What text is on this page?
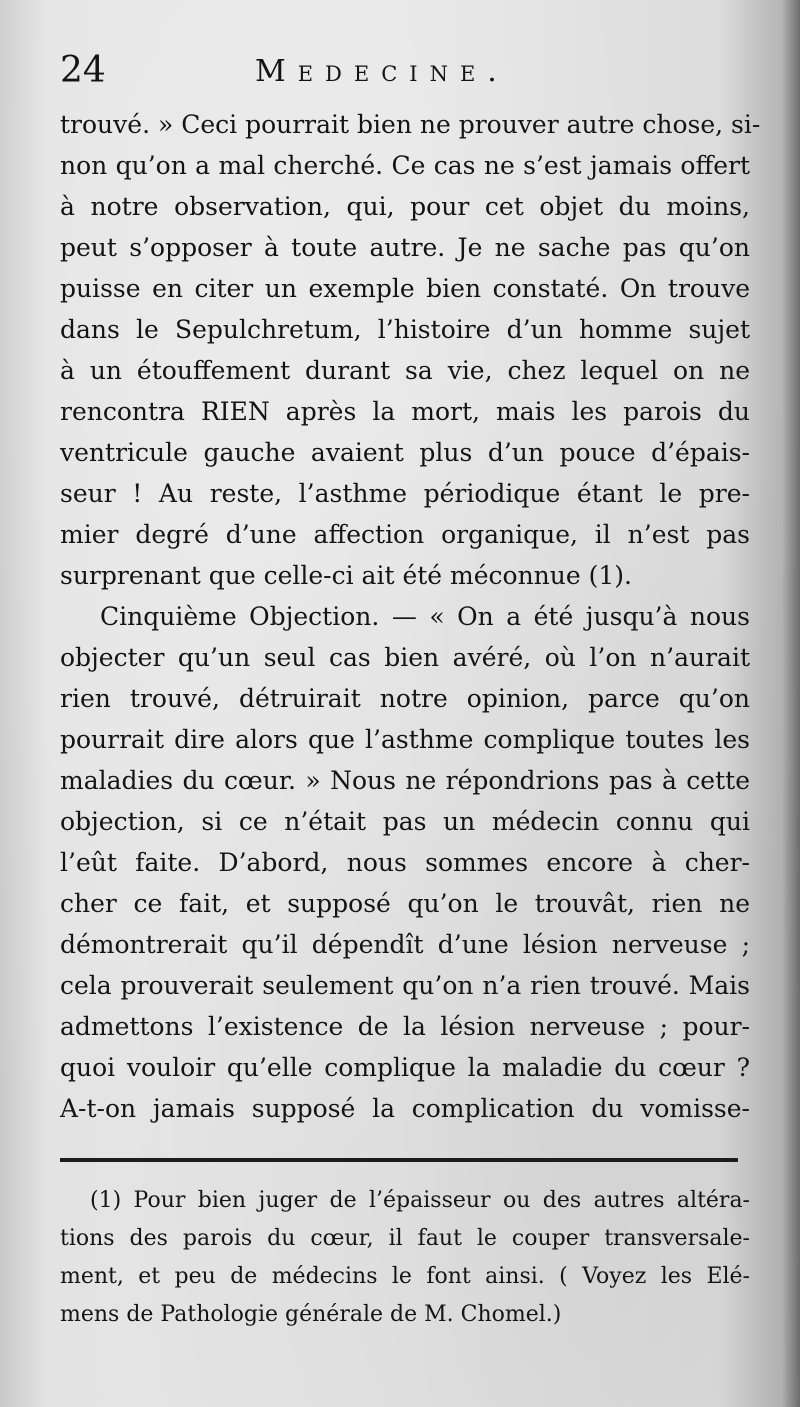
24	Medecine.
trouvé. » Ceci pourrait bien ne prouver autre chose, si-
non qu’on a mal cherché. Ce cas ne s’est jamais offert
à notre observation, qui, pour cet objet du moins,
peut s’opposer à toute autre. Je ne sache pas qu’on
puisse en citer un exemple bien constaté. On trouve
dans le Sepulchretum, l’histoire d’un homme sujet
à un étouffement durant sa vie, chez lequel on ne
rencontra RIEN après la mort, mais les parois du
ventricule gauche avaient plus d’un pouce d’épais-
seur ! Au reste, l’asthme périodique étant le pre-
mier degré d’une affection organique, il n’est pas
surprenant que celle-ci ait été méconnue (1).
Cinquième Objection. — « On a été jusqu’à nous
objecter qu’un seul cas bien avéré, où l’on n’aurait
rien trouvé, détruirait notre opinion, parce qu’on
pourrait dire alors que l’asthme complique toutes les
maladies du cœur. » Nous ne répondrions pas à cette
objection, si ce n’était pas un médecin connu qui
l’eût faite. D’abord, nous sommes encore à cher-
cher ce fait, et supposé qu’on le trouvât, rien ne
démontrerait qu’il dépendît d’une lésion nerveuse ;
cela prouverait seulement qu’on n’a rien trouvé. Mais
admettons l’existence de la lésion nerveuse ; pour-
quoi vouloir qu’elle complique la maladie du cœur ?
A-t-on jamais supposé la complication du vomisse-
(1) Pour bien juger de l’épaisseur ou des autres altéra-
tions des parois du cœur, il faut le couper transversale-
ment, et peu de médecins le font ainsi. ( Voyez les Elé-
mens de Pathologie générale de M. Chomel.)
